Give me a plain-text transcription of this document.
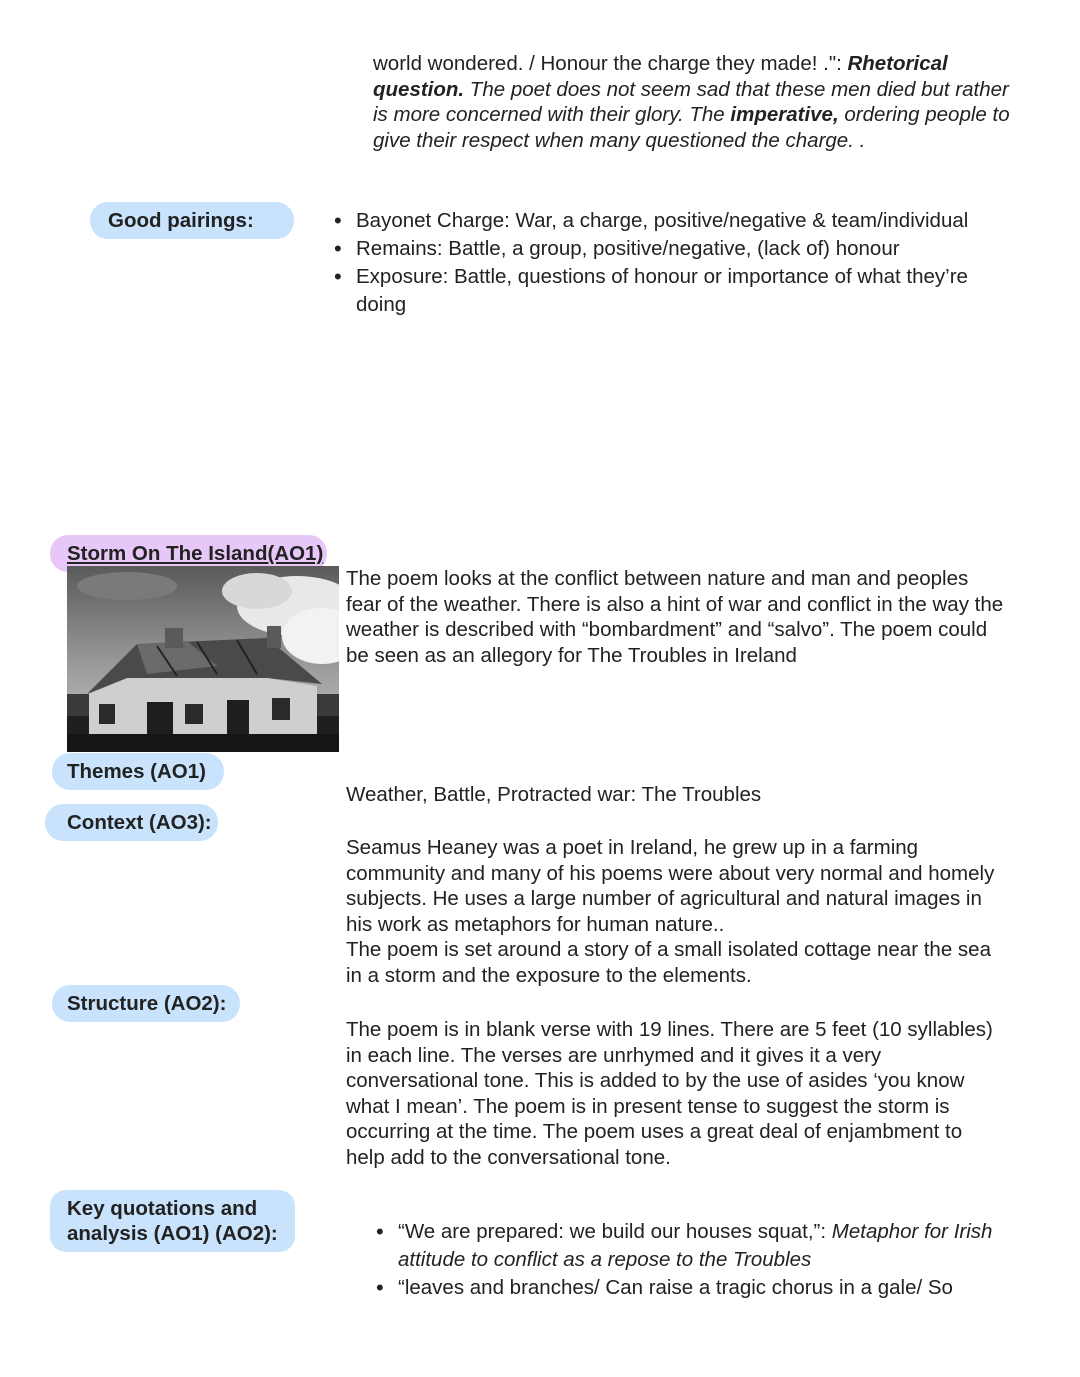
world wondered. / Honour the charge they made! .": Rhetorical question. The poet does not seem sad that these men died but rather is more concerned with their glory. The imperative, ordering people to give their respect when many questioned the charge. .

Good pairings:	• Bayonet Charge: War, a charge, positive/negative & team/individual
• Remains: Battle, a group, positive/negative, (lack of) honour
• Exposure: Battle, questions of honour or importance of what they’re doing
Storm On The Island(AO1)

The poem looks at the conflict between nature and man and peoples fear of the weather. There is also a hint of war and conflict in the way the weather is described with “bombardment” and “salvo”. The poem could be seen as an allegory for The Troubles in Ireland

Themes (AO1)

Weather, Battle, Protracted war: The Troubles

Context (AO3):

Seamus Heaney was a poet in Ireland, he grew up in a farming community and many of his poems were about very normal and homely subjects. He uses a large number of agricultural and natural images in his work as metaphors for human nature..

The poem is set around a story of a small isolated cottage near the sea in a storm and the exposure to the elements.

Structure (AO2):

The poem is in blank verse with 19 lines. There are 5 feet (10 syllables) in each line. The verses are unrhymed and it gives it a very conversational tone. This is added to by the use of asides ‘you know what I mean’. The poem is in present tense to suggest the storm is occurring at the time. The poem uses a great deal of enjambment to help add to the conversational tone.

Key quotations and
analysis (AO1) (AO2):	• “We are prepared: we build our houses squat,”: Metaphor for Irish attitude to conflict as a repose to the Troubles
• “leaves and branches/ Can raise a tragic chorus in a gale/ So
